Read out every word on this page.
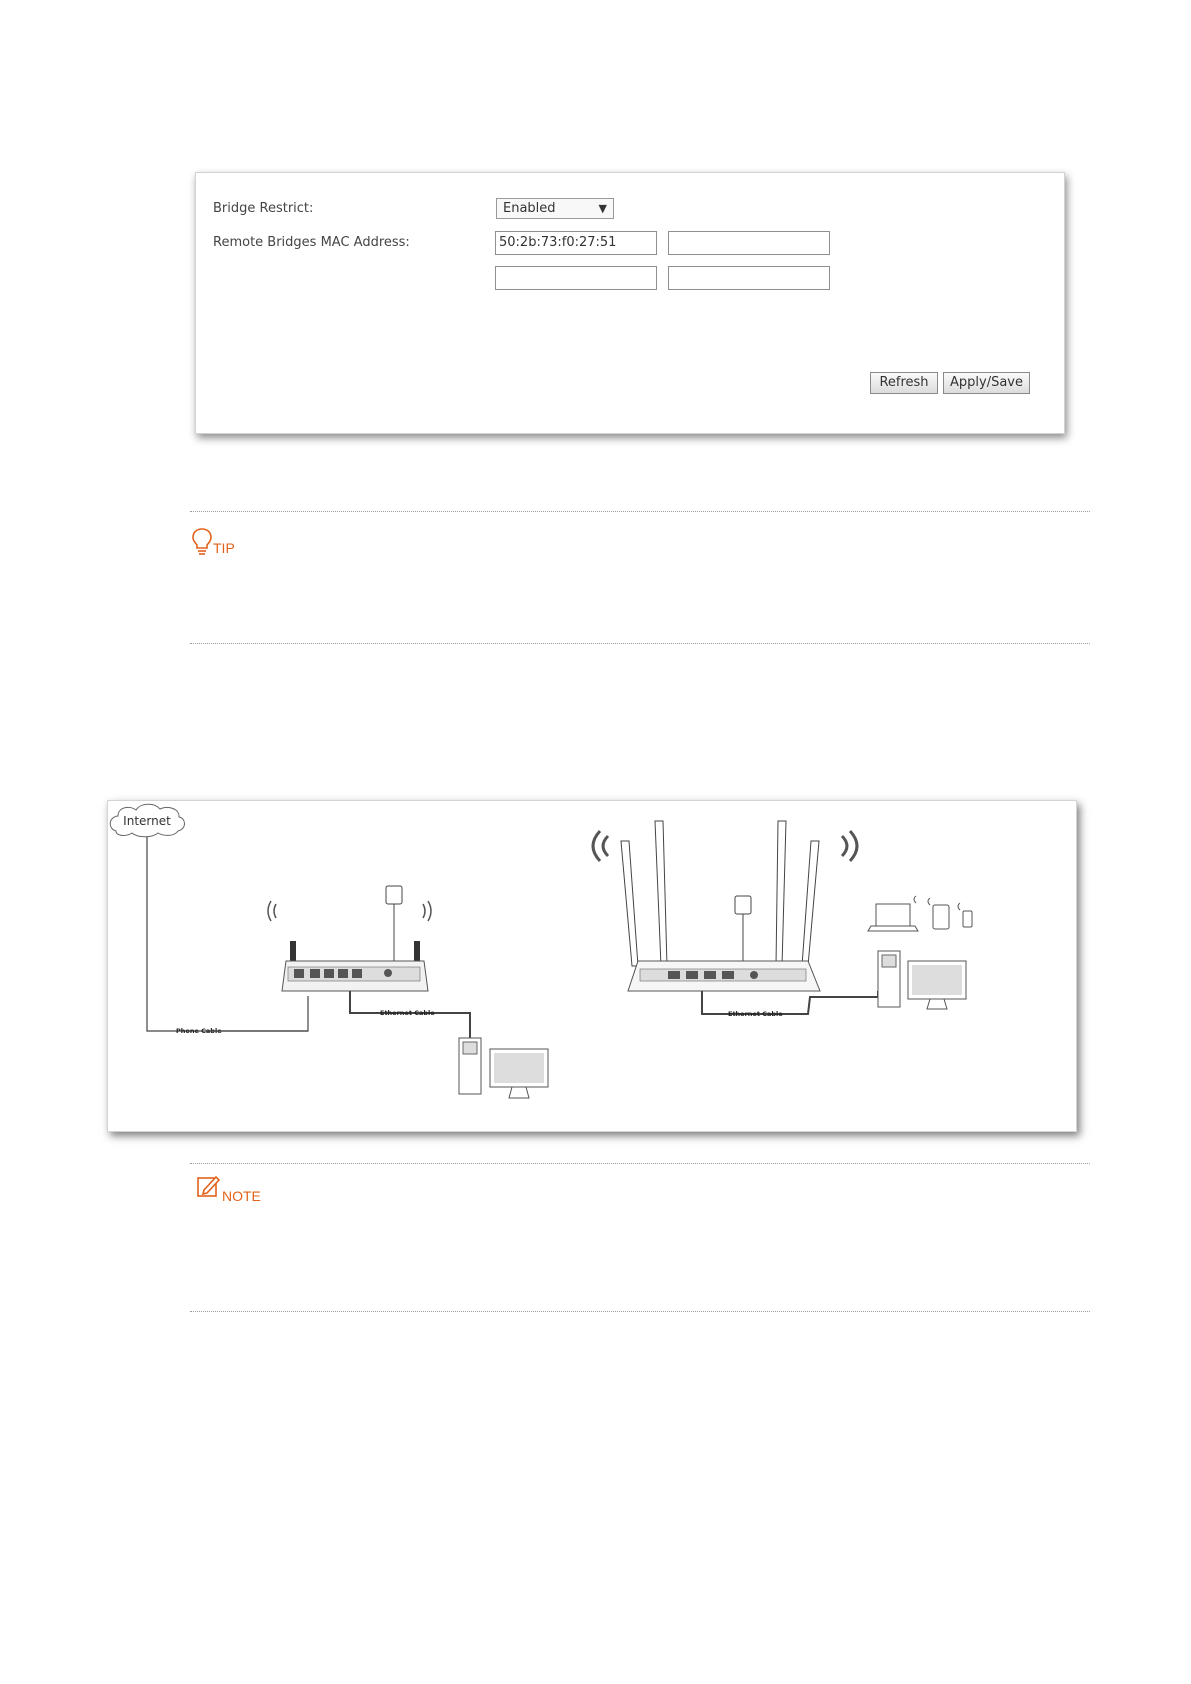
Bridge Restrict:	Enabled	▼
Remote Bridges MAC Address:	50:2b:73:f0:27:51
Refresh	Apply/Save
TIP
Internet
Phone Cable
Ethernet Cable	Ethernet Cable
NOTE
